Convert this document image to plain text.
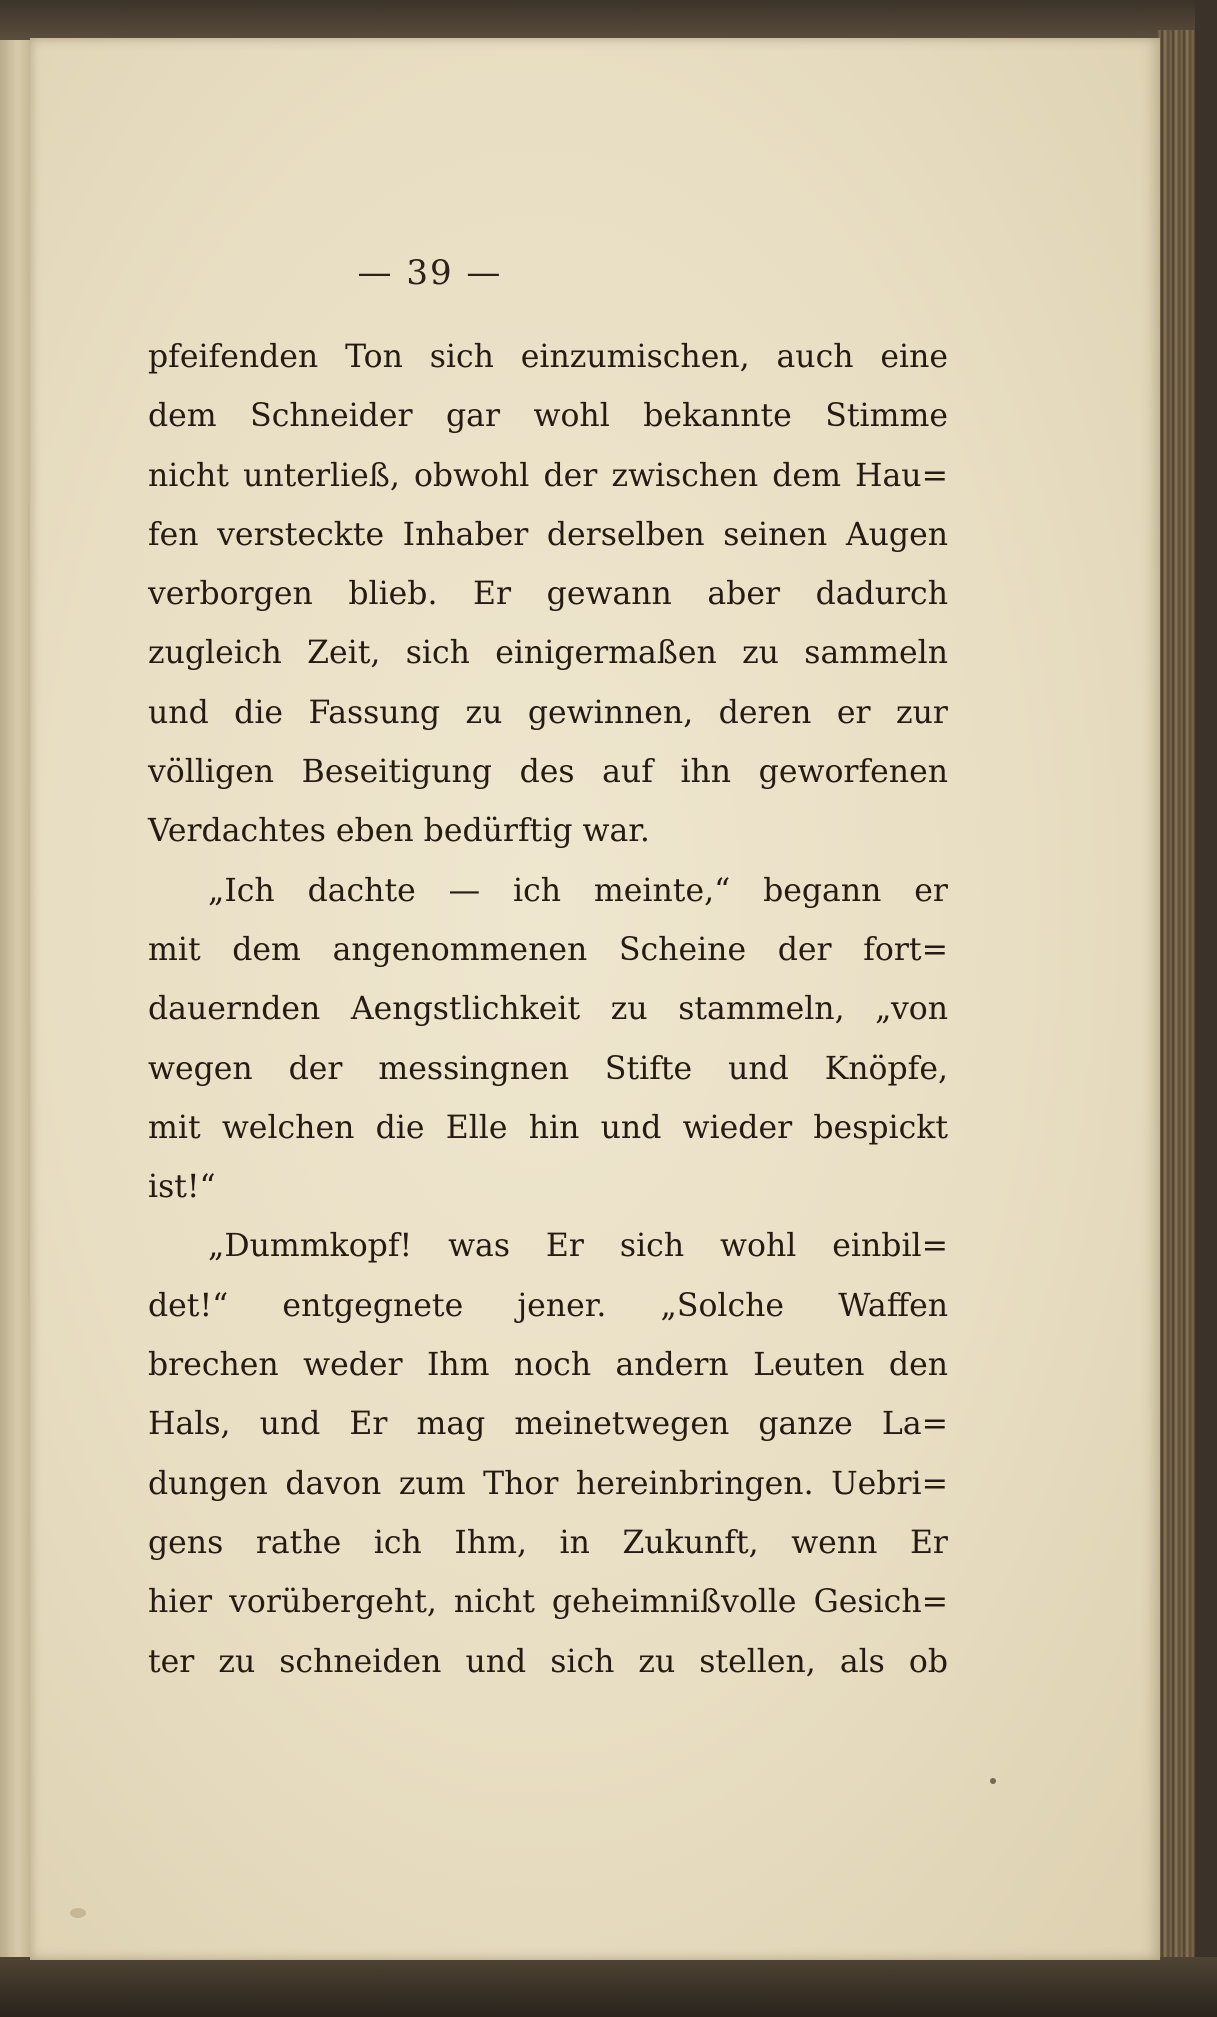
— 39 —
pfeifenden Ton sich einzumischen, auch eine
dem Schneider gar wohl bekannte Stimme
nicht unterließ, obwohl der zwischen dem Hau=
fen versteckte Inhaber derselben seinen Augen
verborgen blieb. Er gewann aber dadurch
zugleich Zeit, sich einigermaßen zu sammeln
und die Fassung zu gewinnen, deren er zur
völligen Beseitigung des auf ihn geworfenen
Verdachtes eben bedürftig war.
„Ich dachte — ich meinte,“ begann er
mit dem angenommenen Scheine der fort=
dauernden Aengstlichkeit zu stammeln, „von
wegen der messingnen Stifte und Knöpfe,
mit welchen die Elle hin und wieder bespickt
ist!“
„Dummkopf! was Er sich wohl einbil=
det!“ entgegnete jener. „Solche Waffen
brechen weder Ihm noch andern Leuten den
Hals, und Er mag meinetwegen ganze La=
dungen davon zum Thor hereinbringen. Uebri=
gens rathe ich Ihm, in Zukunft, wenn Er
hier vorübergeht, nicht geheimnißvolle Gesich=
ter zu schneiden und sich zu stellen, als ob
